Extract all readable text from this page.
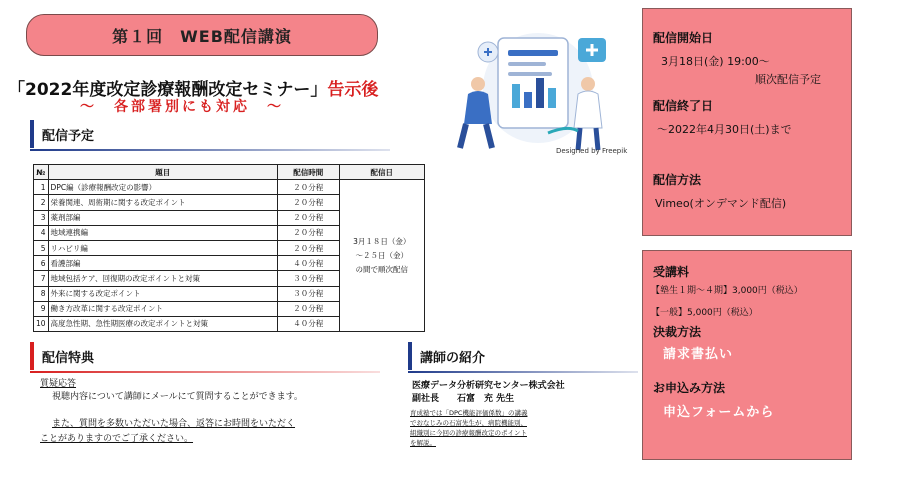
第１回　WEB配信講演
「2022年度改定診療報酬改定セミナー」告示後
～　各部署別にも対応　～
Designed by Freepik
配信予定
№	題目	配信時間	配信日
1	DPC編（診療報酬改定の影響）	２０分程	3月１８日（金）
～２５日（金）
の間で順次配信
2	栄養関連、周術期に関する改定ポイント	２０分程	
3	薬剤部編	２０分程	
4	地域連携編	２０分程	
5	リハビリ編	２０分程	
6	看護部編	４０分程	
7	地域包括ケア、回復期の改定ポイントと対策	３０分程	
8	外来に関する改定ポイント	３０分程	
9	働き方改革に関する改定ポイント	２０分程	
10	高度急性期、急性期医療の改定ポイントと対策	４０分程	
配信特典
質疑応答
視聴内容について講師にメールにて質問することができます。
また、質問を多数いただいた場合、返答にお時間をいただく
ことがありますのでご了承ください。
講師の紹介
医療データ分析研究センター株式会社
副社長　　 石富　充 先生
育成塾では「DPC機能評価係数」の講義
でおなじみの石富先生が、病院機能別、
組織別に今回の診療報酬改定のポイント
を解説。
配信開始日
3月18日(金) 19:00～
順次配信予定
配信終了日
～2022年4月30日(土)まで
配信方法
Vimeo(オンデマンド配信)
受講料
【塾生１期～４期】3,000円（税込）
【一般】5,000円（税込）
決裁方法
請求書払い
お申込み方法
申込フォームから
